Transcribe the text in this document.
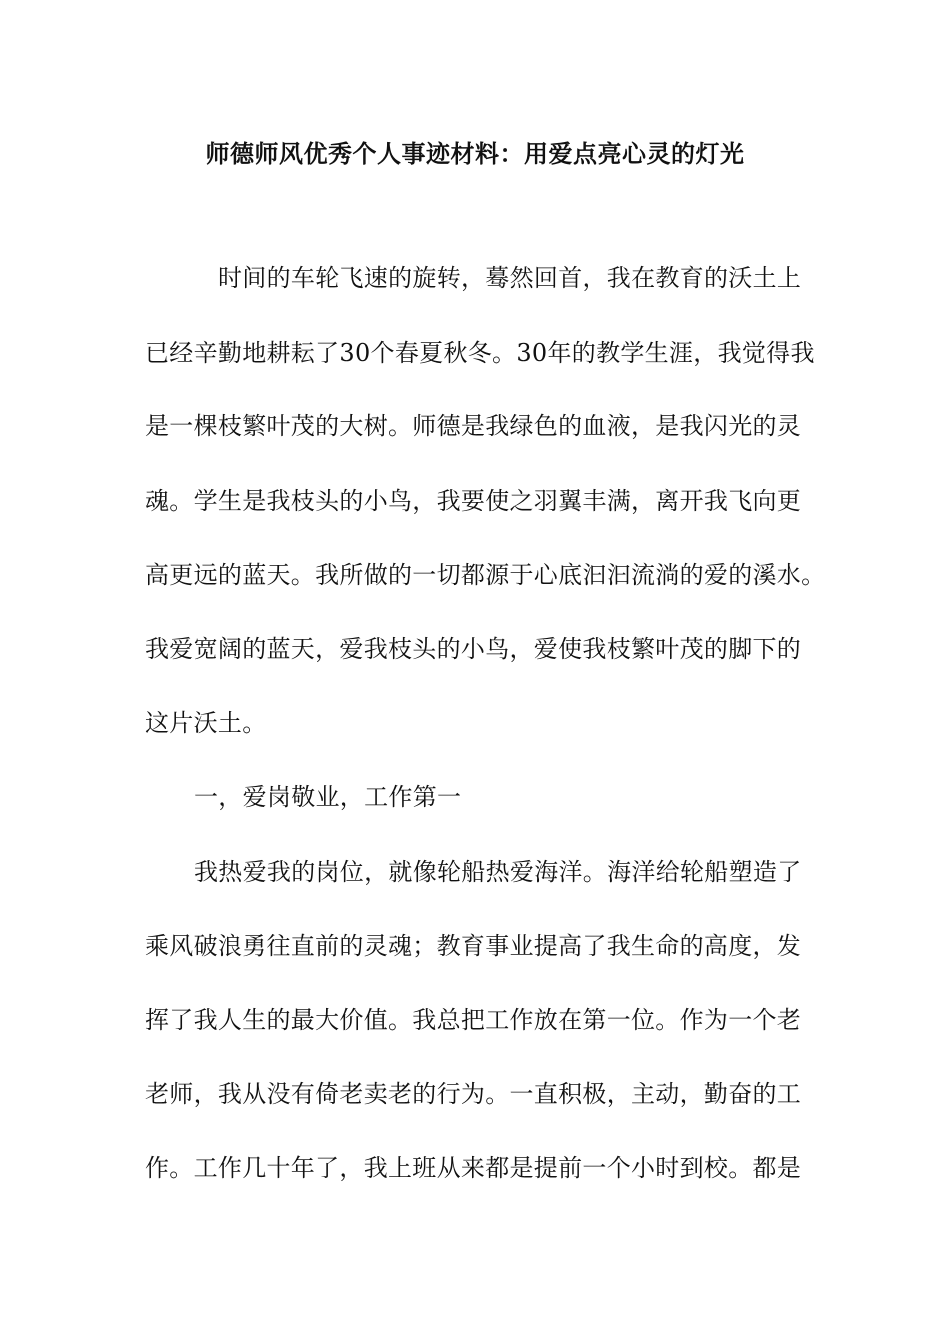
师德师风优秀个人事迹材料：用爱点亮心灵的灯光
时间的车轮飞速的旋转，蓦然回首，我在教育的沃土上
已经辛勤地耕耘了30个春夏秋冬。30年的教学生涯，我觉得我
是一棵枝繁叶茂的大树。师德是我绿色的血液，是我闪光的灵
魂。学生是我枝头的小鸟，我要使之羽翼丰满，离开我飞向更
高更远的蓝天。我所做的一切都源于心底汩汩流淌的爱的溪水。
我爱宽阔的蓝天，爱我枝头的小鸟，爱使我枝繁叶茂的脚下的
这片沃土。
一，爱岗敬业，工作第一
我热爱我的岗位，就像轮船热爱海洋。海洋给轮船塑造了
乘风破浪勇往直前的灵魂；教育事业提高了我生命的高度，发
挥了我人生的最大价值。我总把工作放在第一位。作为一个老
老师，我从没有倚老卖老的行为。一直积极，主动，勤奋的工
作。工作几十年了，我上班从来都是提前一个小时到校。都是
